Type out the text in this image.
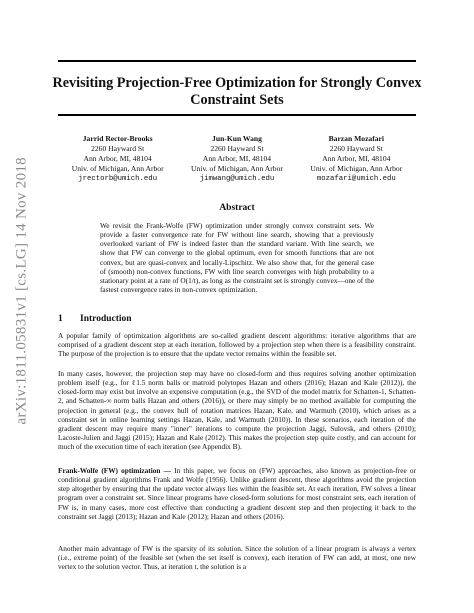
arXiv:1811.05831v1 [cs.LG] 14 Nov 2018
Revisiting Projection-Free Optimization for Strongly Convex Constraint Sets
Jarrid Rector-Brooks
2260 Hayward St
Ann Arbor, MI, 48104
Univ. of Michigan, Ann Arbor
jrectorb@umich.edu
Jun-Kun Wang
2260 Hayward St
Ann Arbor, MI, 48104
Univ. of Michigan, Ann Arbor
jimwang@umich.edu
Barzan Mozafari
2260 Hayward St
Ann Arbor, MI, 48104
Univ. of Michigan, Ann Arbor
mozafari@umich.edu
Abstract

We revisit the Frank-Wolfe (FW) optimization under strongly convex constraint sets. We provide a faster convergence rate for FW without line search, showing that a previously overlooked variant of FW is indeed faster than the standard variant. With line search, we show that FW can converge to the global optimum, even for smooth functions that are not convex, but are quasi-convex and locally-Lipschitz. We also show that, for the general case of (smooth) non-convex functions, FW with line search converges with high probability to a stationary point at a rate of O(1/t), as long as the constraint set is strongly convex—one of the fastest convergence rates in non-convex optimization.

1 Introduction

A popular family of optimization algorithms are so-called gradient descent algorithms: iterative algorithms that are comprised of a gradient descent step at each iteration, followed by a projection step when there is a feasibility constraint. The purpose of the projection is to ensure that the update vector remains within the feasible set.

In many cases, however, the projection step may have no closed-form and thus requires solving another optimization problem itself (e.g., for ℓ1.5 norm balls or matroid polytopes Hazan and others (2016); Hazan and Kale (2012)), the closed-form may exist but involve an expensive computation (e.g., the SVD of the model matrix for Schatten-1, Schatten-2, and Schatten-∞ norm balls Hazan and others (2016)), or there may simply be no method available for computing the projection in general (e.g., the convex hull of rotation matrices Hazan, Kale, and Warmuth (2010), which arises as a constraint set in online learning settings Hazan, Kale, and Warmuth (2010)). In these scenarios, each iteration of the gradient descent may require many "inner" iterations to compute the projection Jaggi, Sulovsk, and others (2010); Lacoste-Julien and Jaggi (2015); Hazan and Kale (2012). This makes the projection step quite costly, and can account for much of the execution time of each iteration (see Appendix B).

Frank-Wolfe (FW) optimization — In this paper, we focus on (FW) approaches, also known as projection-free or conditional gradient algorithms Frank and Wolfe (1956). Unlike gradient descent, these algorithms avoid the projection step altogether by ensuring that the update vector always lies within the feasible set. At each iteration, FW solves a linear program over a constraint set. Since linear programs have closed-form solutions for most constraint sets, each iteration of FW is, in many cases, more cost effective than conducting a gradient descent step and then projecting it back to the constraint set Jaggi (2013); Hazan and Kale (2012); Hazan and others (2016).

Another main advantage of FW is the sparsity of its solution. Since the solution of a linear program is always a vertex (i.e., extreme point) of the feasible set (when the set itself is convex), each iteration of FW can add, at most, one new vertex to the solution vector. Thus, at iteration t, the solution is a
